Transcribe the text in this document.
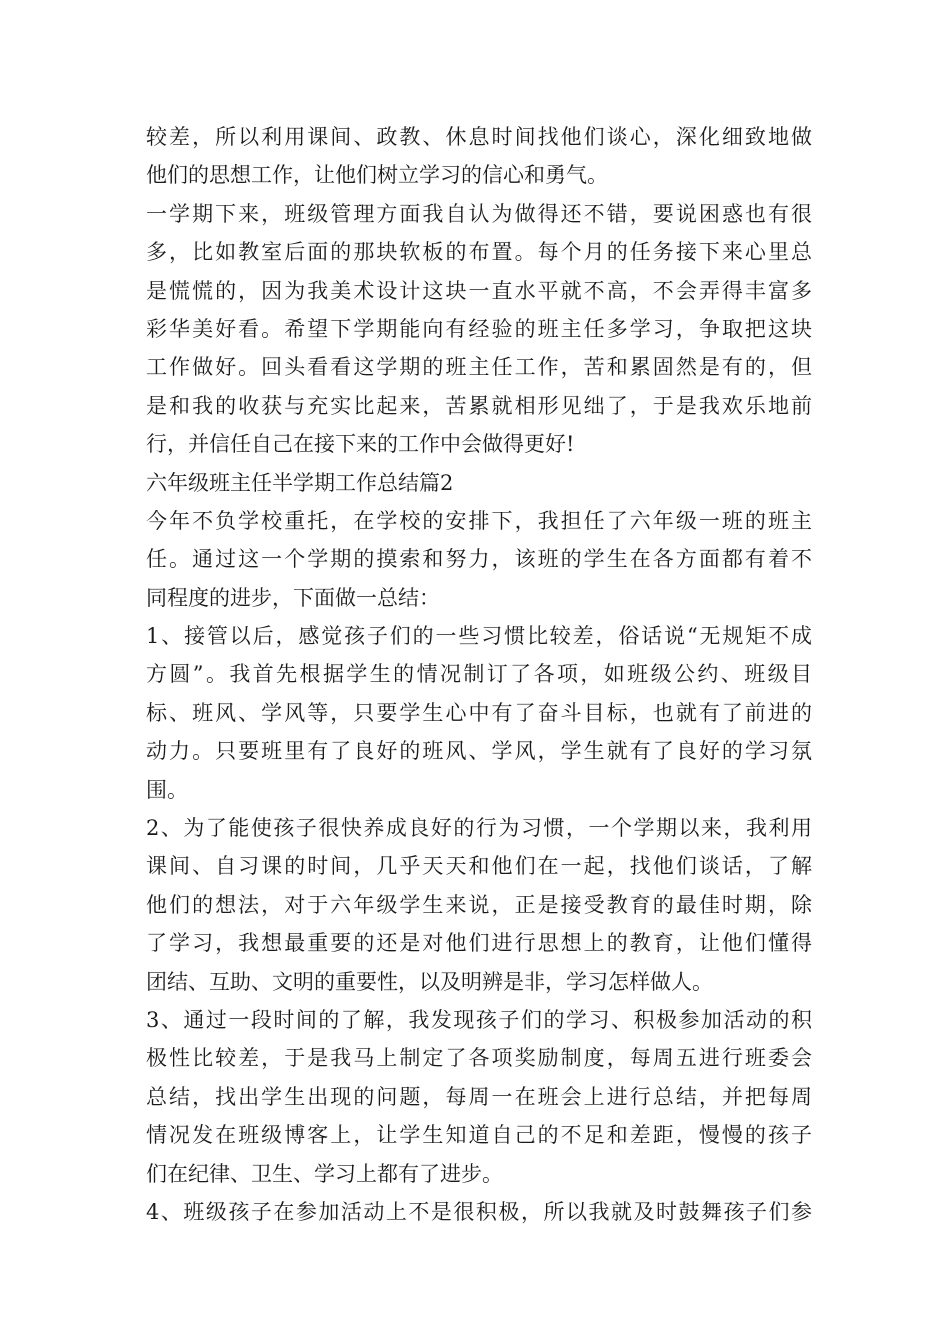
较差，所以利用课间、政教、休息时间找他们谈心，深化细致地做
他们的思想工作，让他们树立学习的信心和勇气。
一学期下来，班级管理方面我自认为做得还不错，要说困惑也有很
多，比如教室后面的那块软板的布置。每个月的任务接下来心里总
是慌慌的，因为我美术设计这块一直水平就不高，不会弄得丰富多
彩华美好看。希望下学期能向有经验的班主任多学习，争取把这块
工作做好。回头看看这学期的班主任工作，苦和累固然是有的，但
是和我的收获与充实比起来，苦累就相形见绌了，于是我欢乐地前
行，并信任自己在接下来的工作中会做得更好!
六年级班主任半学期工作总结篇2
今年不负学校重托，在学校的安排下，我担任了六年级一班的班主
任。通过这一个学期的摸索和努力，该班的学生在各方面都有着不
同程度的进步，下面做一总结：
1、接管以后，感觉孩子们的一些习惯比较差，俗话说“无规矩不成
方圆”。我首先根据学生的情况制订了各项，如班级公约、班级目
标、班风、学风等，只要学生心中有了奋斗目标，也就有了前进的
动力。只要班里有了良好的班风、学风，学生就有了良好的学习氛
围。
2、为了能使孩子很快养成良好的行为习惯，一个学期以来，我利用
课间、自习课的时间，几乎天天和他们在一起，找他们谈话，了解
他们的想法，对于六年级学生来说，正是接受教育的最佳时期，除
了学习，我想最重要的还是对他们进行思想上的教育，让他们懂得
团结、互助、文明的重要性，以及明辨是非，学习怎样做人。
3、通过一段时间的了解，我发现孩子们的学习、积极参加活动的积
极性比较差，于是我马上制定了各项奖励制度，每周五进行班委会
总结，找出学生出现的问题，每周一在班会上进行总结，并把每周
情况发在班级博客上，让学生知道自己的不足和差距，慢慢的孩子
们在纪律、卫生、学习上都有了进步。
4、班级孩子在参加活动上不是很积极，所以我就及时鼓舞孩子们参
